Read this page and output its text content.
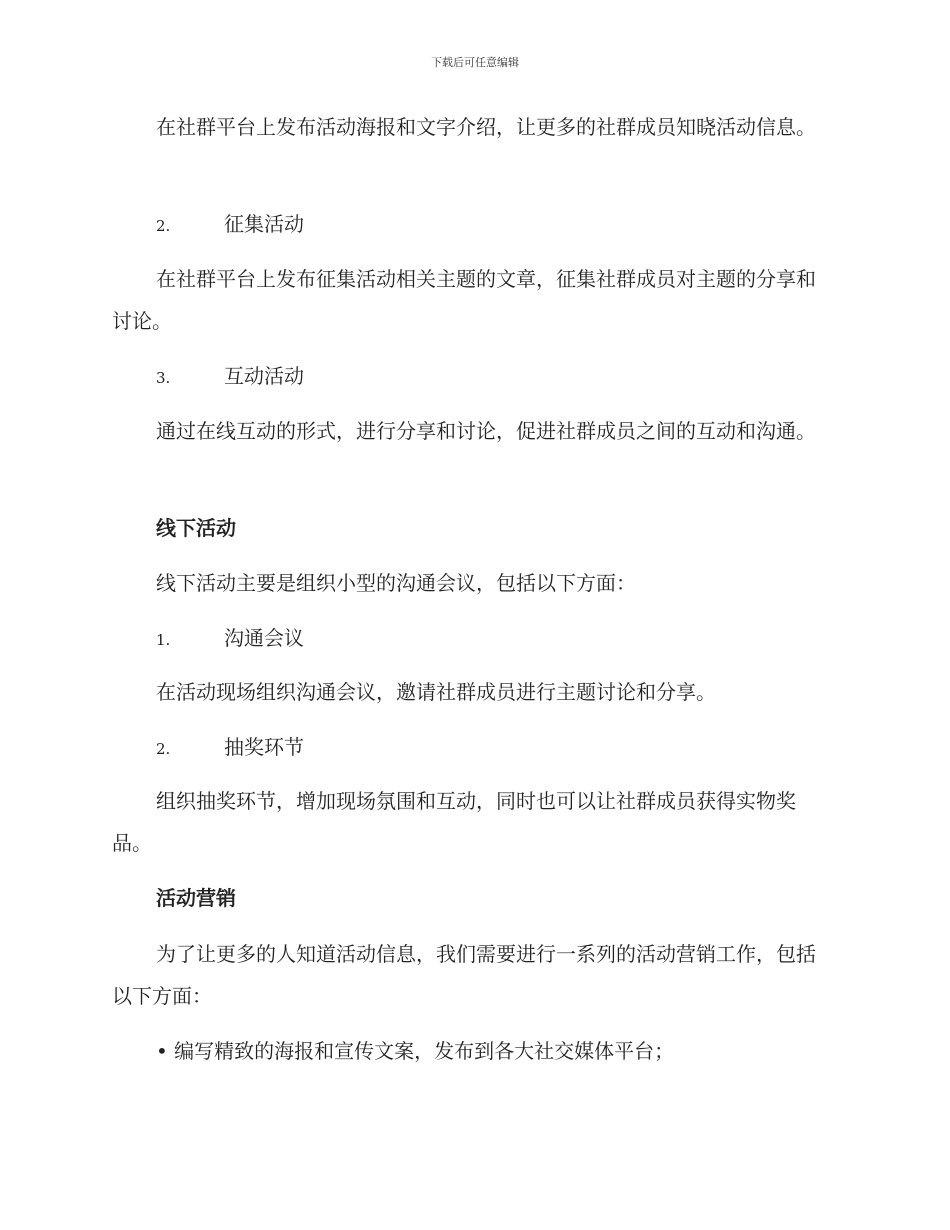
下载后可任意编辑
在社群平台上发布活动海报和文字介绍，让更多的社群成员知晓活动信息。
2.	征集活动
在社群平台上发布征集活动相关主题的文章，征集社群成员对主题的分享和讨论。
3.	互动活动
通过在线互动的形式，进行分享和讨论，促进社群成员之间的互动和沟通。
线下活动
线下活动主要是组织小型的沟通会议，包括以下方面：
1.	沟通会议
在活动现场组织沟通会议，邀请社群成员进行主题讨论和分享。
2.	抽奖环节
组织抽奖环节，增加现场氛围和互动，同时也可以让社群成员获得实物奖品。
活动营销
为了让更多的人知道活动信息，我们需要进行一系列的活动营销工作，包括以下方面：
• 编写精致的海报和宣传文案，发布到各大社交媒体平台；
